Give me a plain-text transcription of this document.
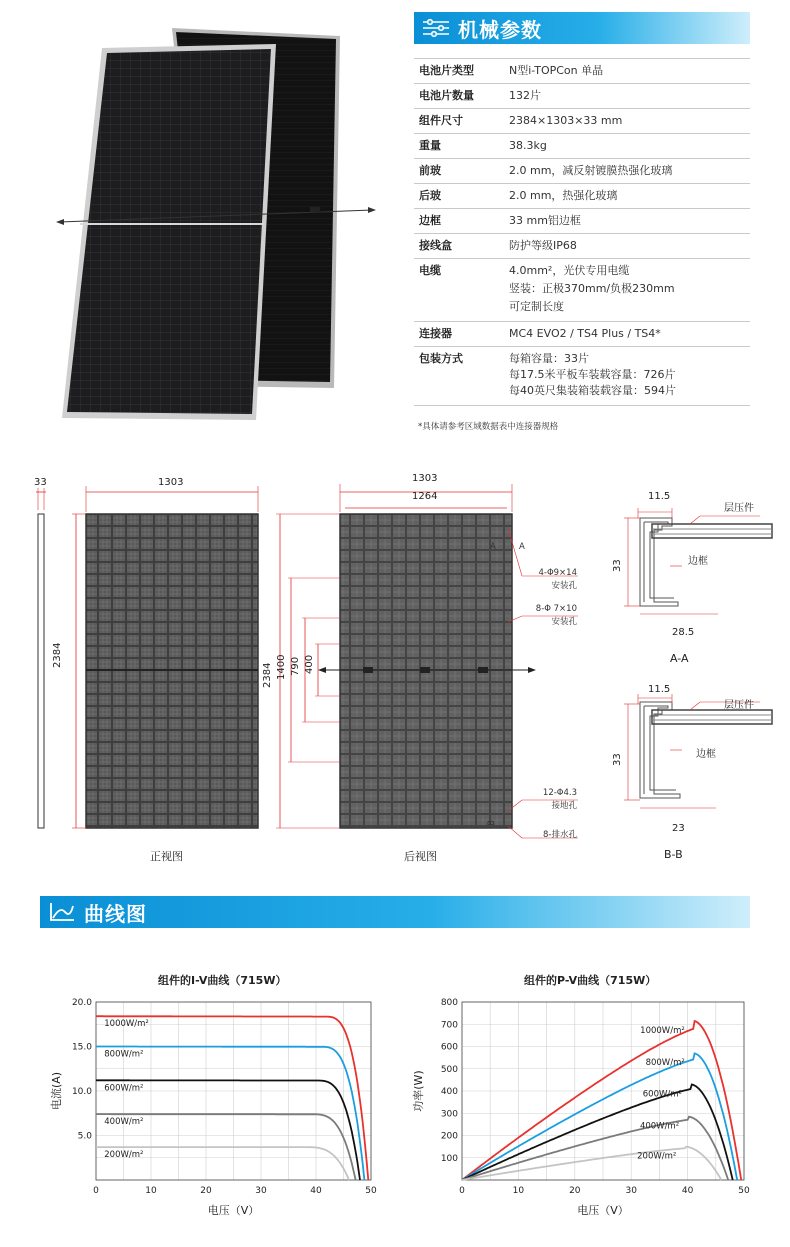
机械参数
电池片类型	N型i-TOPCon 单晶
电池片数量	132片
组件尺寸	2384×1303×33 mm
重量	38.3kg
前玻	2.0 mm，减反射镀膜热强化玻璃
后玻	2.0 mm，热强化玻璃
边框	33 mm铝边框
接线盒	防护等级IP68
电缆	4.0mm²，光伏专用电缆
竖装：正极370mm/负极230mm
可定制长度
连接器	MC4 EVO2 / TS4 Plus / TS4*
包装方式	每箱容量：33片
每17.5米平板车装载容量：726片
每40英尺集装箱装载容量：594片
*具体请参考区域数据表中连接器规格
33	1303
2384
正视图
1303
1264
2384 1400 790 400
A	A
B
4-Φ9×14
安装孔
8-Φ 7×10
安装孔
12-Φ4.3
接地孔
8-排水孔
后视图
11.5
层压件
边框
33
28.5
A-A
11.5
层压件
边框
33
23
B-B
曲线图
组件的I-V曲线（715W）	组件的P-V曲线（715W）
0	10	20	30	40	50
5.0
10.0
15.0
20.0
电压（V）
电流(A)
1000W/m²
800W/m²
600W/m²
400W/m²
200W/m²
0	10	20	30	40	50
100
200
300
400
500
600
700
800
电压（V）
功率(W)
1000W/m²
800W/m²
600W/m²
400W/m²
200W/m²
